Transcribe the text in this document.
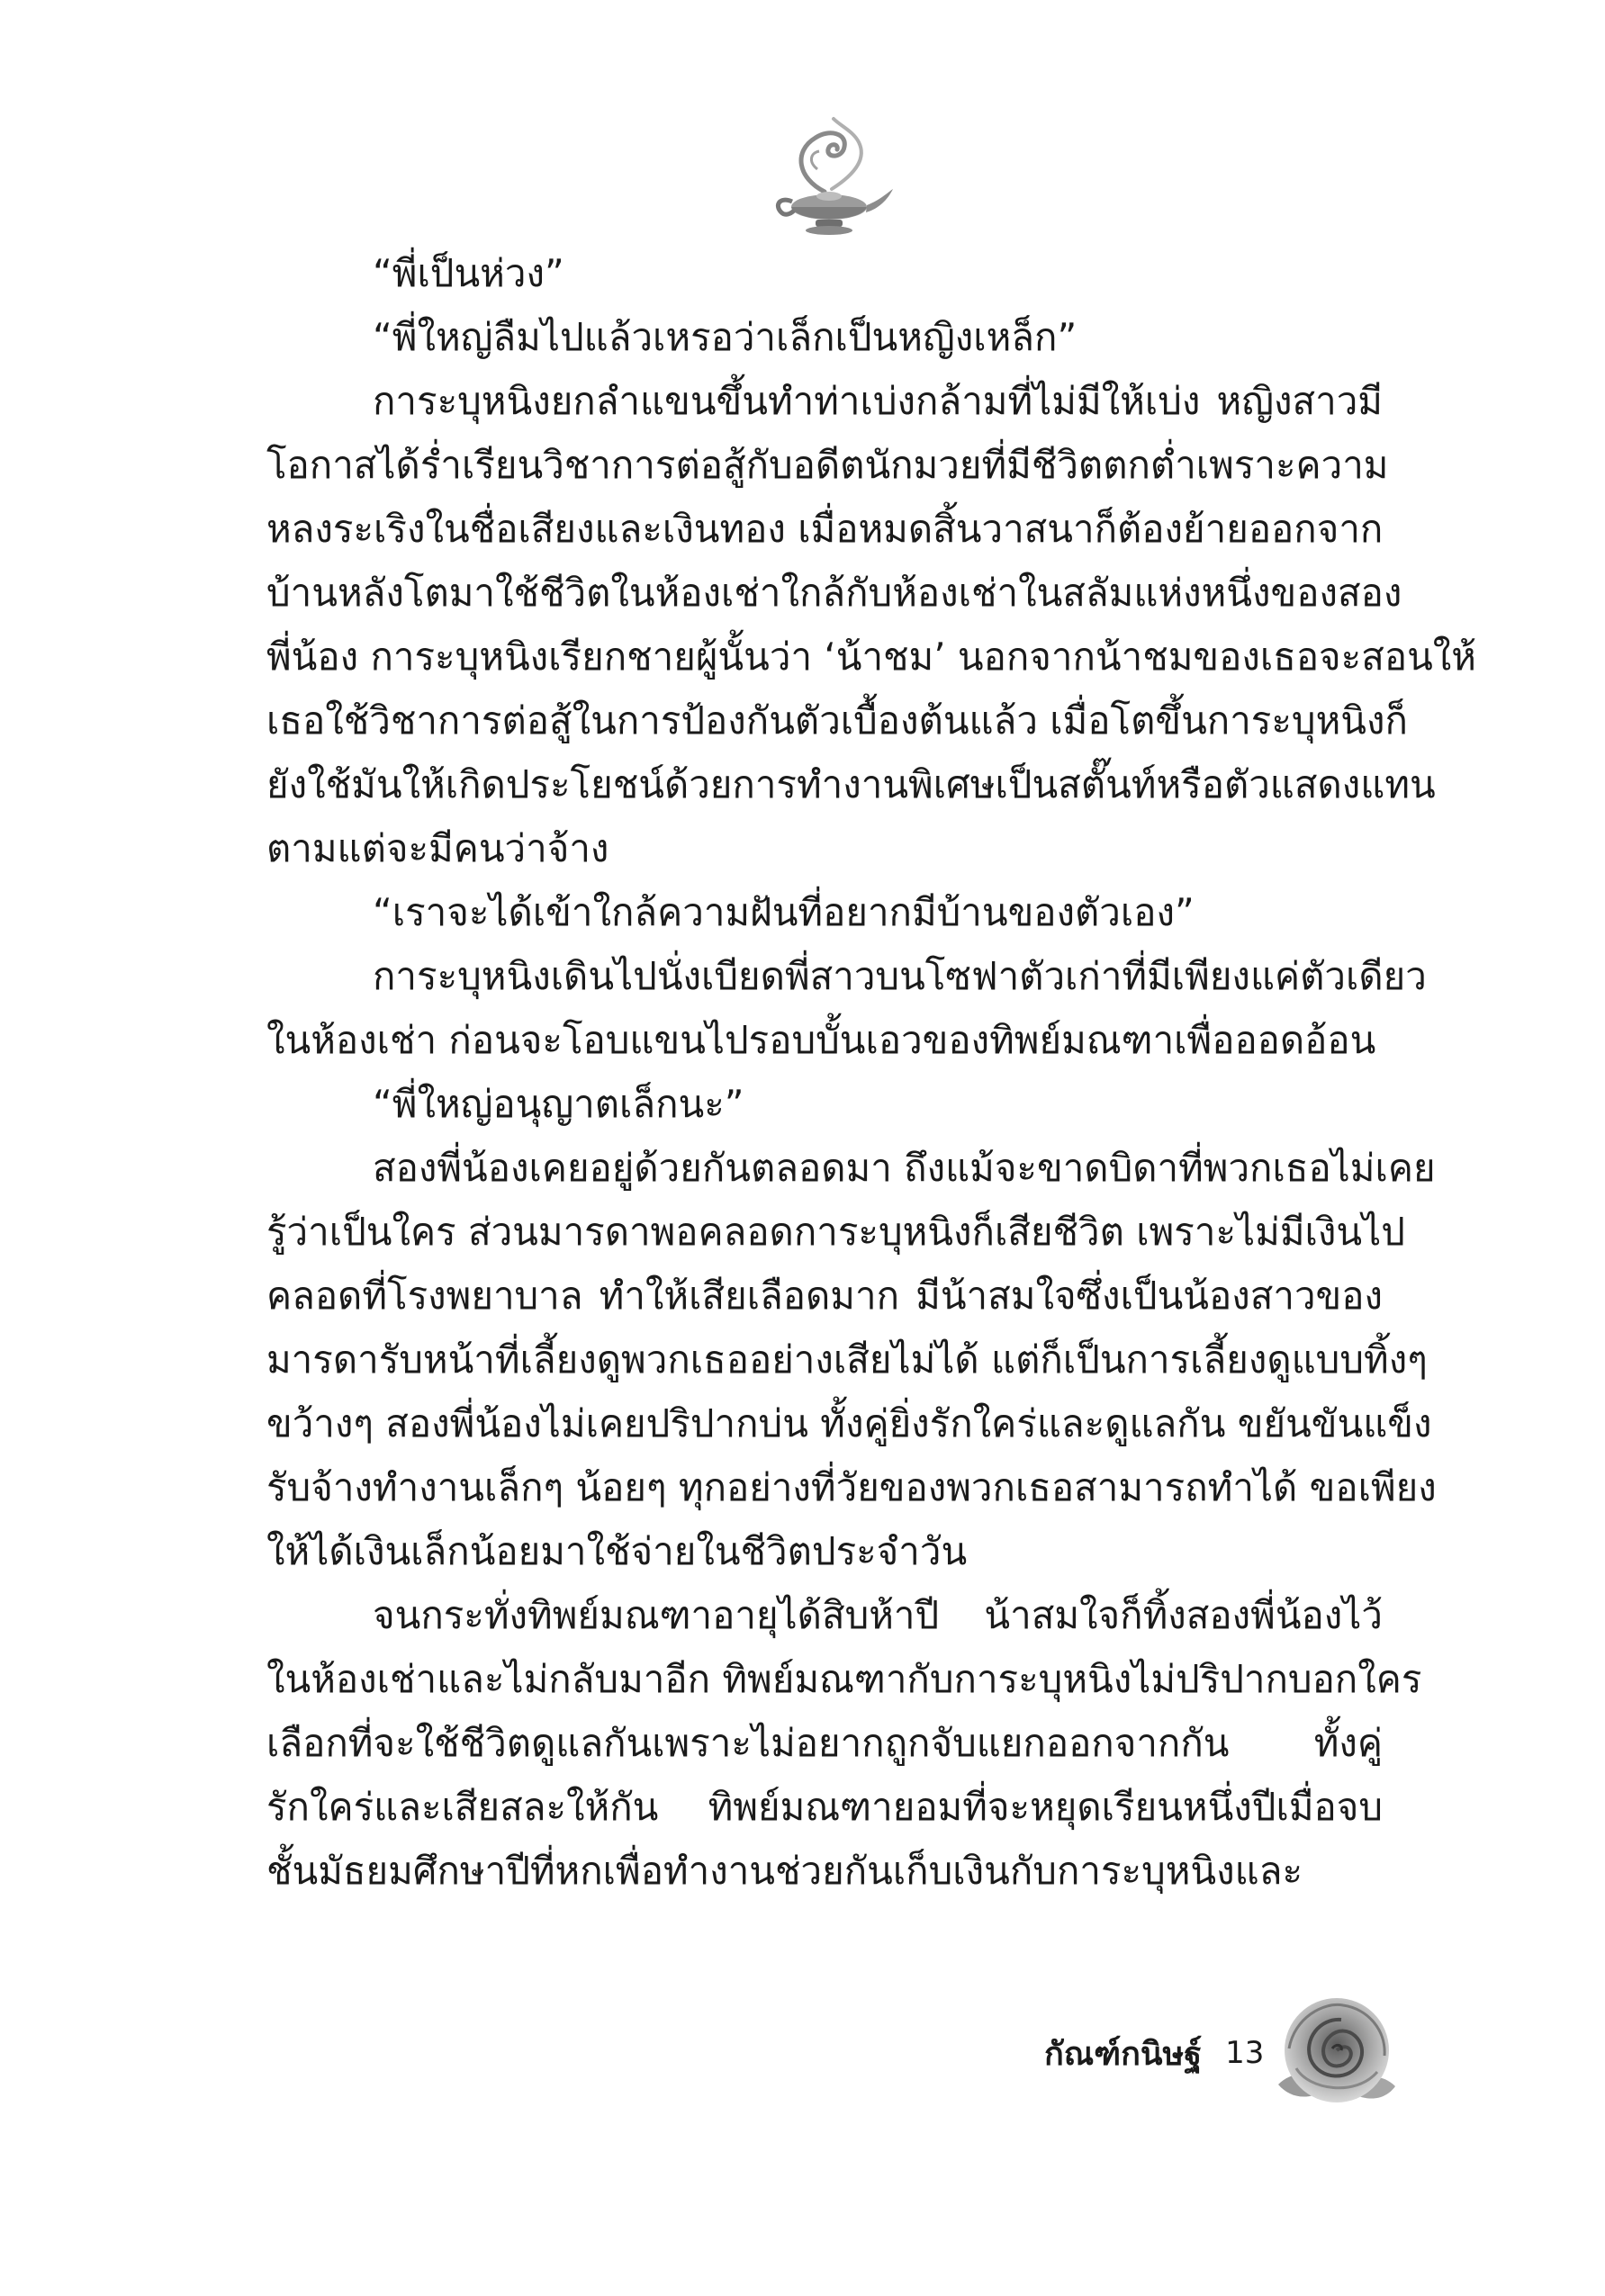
“พี่เป็นห่วง”
“พี่ใหญ่ลืมไปแล้วเหรอว่าเล็กเป็นหญิงเหล็ก”
การะบุหนิงยกลำแขนขึ้นทำท่าเบ่งกล้ามที่ไม่มีให้เบ่ง หญิงสาวมี
โอกาสได้ร่ำเรียนวิชาการต่อสู้กับอดีตนักมวยที่มีชีวิตตกต่ำเพราะความ
หลงระเริงในชื่อเสียงและเงินทอง เมื่อหมดสิ้นวาสนาก็ต้องย้ายออกจาก
บ้านหลังโตมาใช้ชีวิตในห้องเช่าใกล้กับห้องเช่าในสลัมแห่งหนึ่งของสอง
พี่น้อง การะบุหนิงเรียกชายผู้นั้นว่า ‘น้าชม’ นอกจากน้าชมของเธอจะสอนให้
เธอใช้วิชาการต่อสู้ในการป้องกันตัวเบื้องต้นแล้ว เมื่อโตขึ้นการะบุหนิงก็
ยังใช้มันให้เกิดประโยชน์ด้วยการทำงานพิเศษเป็นสตั๊นท์หรือตัวแสดงแทน
ตามแต่จะมีคนว่าจ้าง
“เราจะได้เข้าใกล้ความฝันที่อยากมีบ้านของตัวเอง”
การะบุหนิงเดินไปนั่งเบียดพี่สาวบนโซฟาตัวเก่าที่มีเพียงแค่ตัวเดียว
ในห้องเช่า ก่อนจะโอบแขนไปรอบบั้นเอวของทิพย์มณฑาเพื่อออดอ้อน
“พี่ใหญ่อนุญาตเล็กนะ”
สองพี่น้องเคยอยู่ด้วยกันตลอดมา ถึงแม้จะขาดบิดาที่พวกเธอไม่เคย
รู้ว่าเป็นใคร ส่วนมารดาพอคลอดการะบุหนิงก็เสียชีวิต เพราะไม่มีเงินไป
คลอดที่โรงพยาบาล ทำให้เสียเลือดมาก มีน้าสมใจซึ่งเป็นน้องสาวของ
มารดารับหน้าที่เลี้ยงดูพวกเธออย่างเสียไม่ได้ แต่ก็เป็นการเลี้ยงดูแบบทิ้งๆ
ขว้างๆ สองพี่น้องไม่เคยปริปากบ่น ทั้งคู่ยิ่งรักใคร่และดูแลกัน ขยันขันแข็ง
รับจ้างทำงานเล็กๆ น้อยๆ ทุกอย่างที่วัยของพวกเธอสามารถทำได้ ขอเพียง
ให้ได้เงินเล็กน้อยมาใช้จ่ายในชีวิตประจำวัน
จนกระทั่งทิพย์มณฑาอายุได้สิบห้าปี น้าสมใจก็ทิ้งสองพี่น้องไว้
ในห้องเช่าและไม่กลับมาอีก ทิพย์มณฑากับการะบุหนิงไม่ปริปากบอกใคร
เลือกที่จะใช้ชีวิตดูแลกันเพราะไม่อยากถูกจับแยกออกจากกัน ทั้งคู่
รักใคร่และเสียสละให้กัน ทิพย์มณฑายอมที่จะหยุดเรียนหนึ่งปีเมื่อจบ
ชั้นมัธยมศึกษาปีที่หกเพื่อทำงานช่วยกันเก็บเงินกับการะบุหนิงและ
กัณฑ์กนิษฐ์ 13
